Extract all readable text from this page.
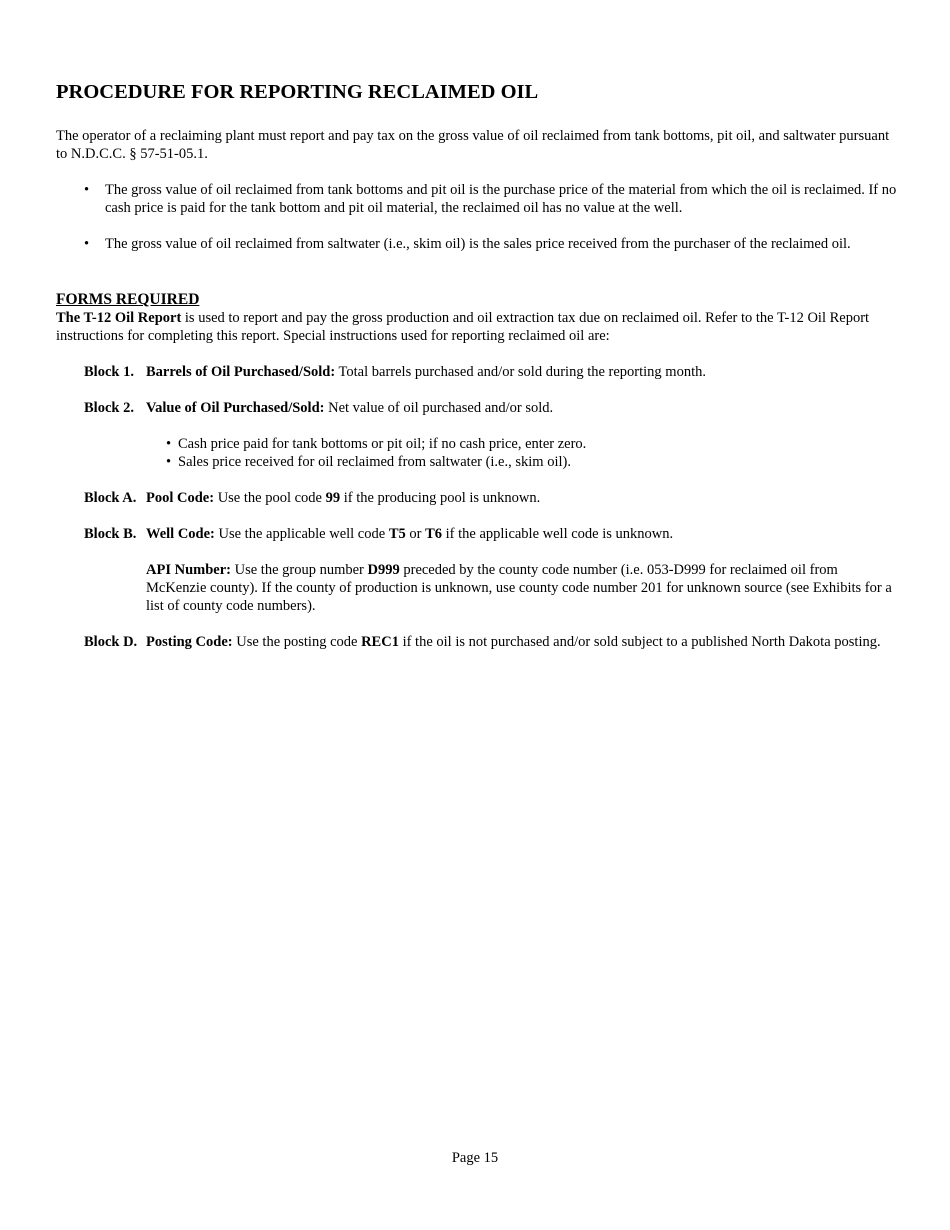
PROCEDURE FOR REPORTING RECLAIMED OIL

The operator of a reclaiming plant must report and pay tax on the gross value of oil reclaimed from tank bottoms, pit oil, and saltwater pursuant to N.D.C.C. § 57-51-05.1.

• The gross value of oil reclaimed from tank bottoms and pit oil is the purchase price of the material from which the oil is reclaimed. If no cash price is paid for the tank bottom and pit oil material, the reclaimed oil has no value at the well.
• The gross value of oil reclaimed from saltwater (i.e., skim oil) is the sales price received from the purchaser of the reclaimed oil.

FORMS REQUIRED

The T-12 Oil Report is used to report and pay the gross production and oil extraction tax due on reclaimed oil. Refer to the T-12 Oil Report instructions for completing this report. Special instructions used for reporting reclaimed oil are:

Block 1. Barrels of Oil Purchased/Sold: Total barrels purchased and/or sold during the reporting month.
Block 2. Value of Oil Purchased/Sold: Net value of oil purchased and/or sold.
• Cash price paid for tank bottoms or pit oil; if no cash price, enter zero.
• Sales price received for oil reclaimed from saltwater (i.e., skim oil).
Block A. Pool Code: Use the pool code 99 if the producing pool is unknown.
Block B. Well Code: Use the applicable well code T5 or T6 if the applicable well code is unknown.
API Number: Use the group number D999 preceded by the county code number (i.e. 053-D999 for reclaimed oil from McKenzie county). If the county of production is unknown, use county code number 201 for unknown source (see Exhibits for a list of county code numbers).
Block D. Posting Code: Use the posting code REC1 if the oil is not purchased and/or sold subject to a published North Dakota posting.
Page 15
